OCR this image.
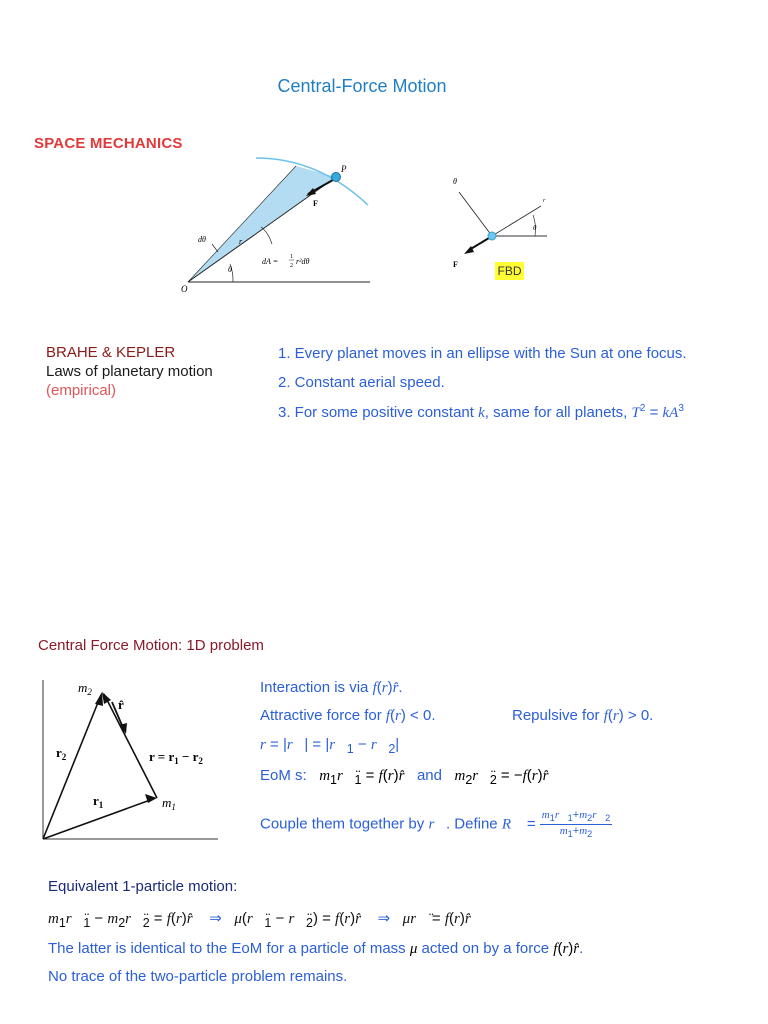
Central-Force Motion
SPACE MECHANICS
P
F
dθ	r
dA = 1
2 r²dθ
θ
O
θ
r
θ
F	FBD
BRAHE & KEPLER
Laws of planetary motion
(empirical)
1. Every planet moves in an ellipse with the Sun at one focus.
2. Constant aerial speed.
3. For some positive constant k, same for all planets, $T^2 = kA^3$
Central Force Motion: 1D problem
$m_2$
r̂
$r_2$
$r_1$	$m_1$
$r = r_1 - r_2$
Interaction is via f(r)r̂.
Attractive force for f(r) < 0.	Repulsive for f(r) > 0.
r = |r⃗| = $|r⃗_1$ − $r⃗_2|$
EoM s: $m_1r⃗̈_1$ = f(r)r̂ and $m_2r⃗̈_2$ = −f(r)r̂
Couple them together by r⃗. Define R⃗ = $\frac{m_1r⃗_1+m_2r⃗_2}{m_1+m_2}$
Equivalent 1-particle motion:
$m_1r⃗̈_1$ − $m_2r⃗̈_2$ = f(r)r̂ ⇒ $\mu(r⃗̈_1$ − $r⃗̈_2$) = f(r)r̂ ⇒ μr⃗̈ = f(r)r̂
The latter is identical to the EoM for a particle of mass μ acted on by a force f(r)r̂.
No trace of the two-particle problem remains.
